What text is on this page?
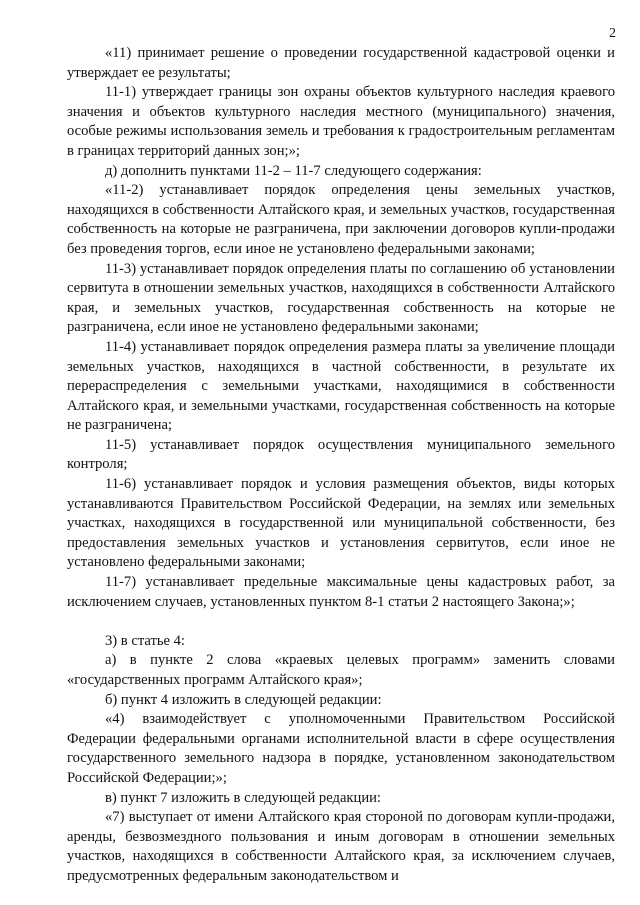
2

«11) принимает решение о проведении государственной кадастровой оценки и утверждает ее результаты;

11-1) утверждает границы зон охраны объектов культурного наследия краевого значения и объектов культурного наследия местного (муниципального) значения, особые режимы использования земель и требования к градостроительным регламентам в границах территорий данных зон;»;

д) дополнить пунктами 11-2 – 11-7 следующего содержания:

«11-2) устанавливает порядок определения цены земельных участков, находящихся в собственности Алтайского края, и земельных участков, государственная собственность на которые не разграничена, при заключении договоров купли-продажи без проведения торгов, если иное не установлено федеральными законами;

11-3) устанавливает порядок определения платы по соглашению об установлении сервитута в отношении земельных участков, находящихся в собственности Алтайского края, и земельных участков, государственная собственность на которые не разграничена, если иное не установлено федеральными законами;

11-4) устанавливает порядок определения размера платы за увеличение площади земельных участков, находящихся в частной собственности, в результате их перераспределения с земельными участками, находящимися в собственности Алтайского края, и земельными участками, государственная собственность на которые не разграничена;

11-5) устанавливает порядок осуществления муниципального земельного контроля;

11-6) устанавливает порядок и условия размещения объектов, виды которых устанавливаются Правительством Российской Федерации, на землях или земельных участках, находящихся в государственной или муниципальной собственности, без предоставления земельных участков и установления сервитутов, если иное не установлено федеральными законами;

11-7) устанавливает предельные максимальные цены кадастровых работ, за исключением случаев, установленных пунктом 8-1 статьи 2 настоящего Закона;»;

3) в статье 4:

а) в пункте 2 слова «краевых целевых программ» заменить словами «государственных программ Алтайского края»;

б) пункт 4 изложить в следующей редакции:

«4) взаимодействует с уполномоченными Правительством Российской Федерации федеральными органами исполнительной власти в сфере осуществления государственного земельного надзора в порядке, установленном законодательством Российской Федерации;»;

в) пункт 7 изложить в следующей редакции:

«7) выступает от имени Алтайского края стороной по договорам купли-продажи, аренды, безвозмездного пользования и иным договорам в отношении земельных участков, находящихся в собственности Алтайского края, за исключением случаев, предусмотренных федеральным законодательством и
